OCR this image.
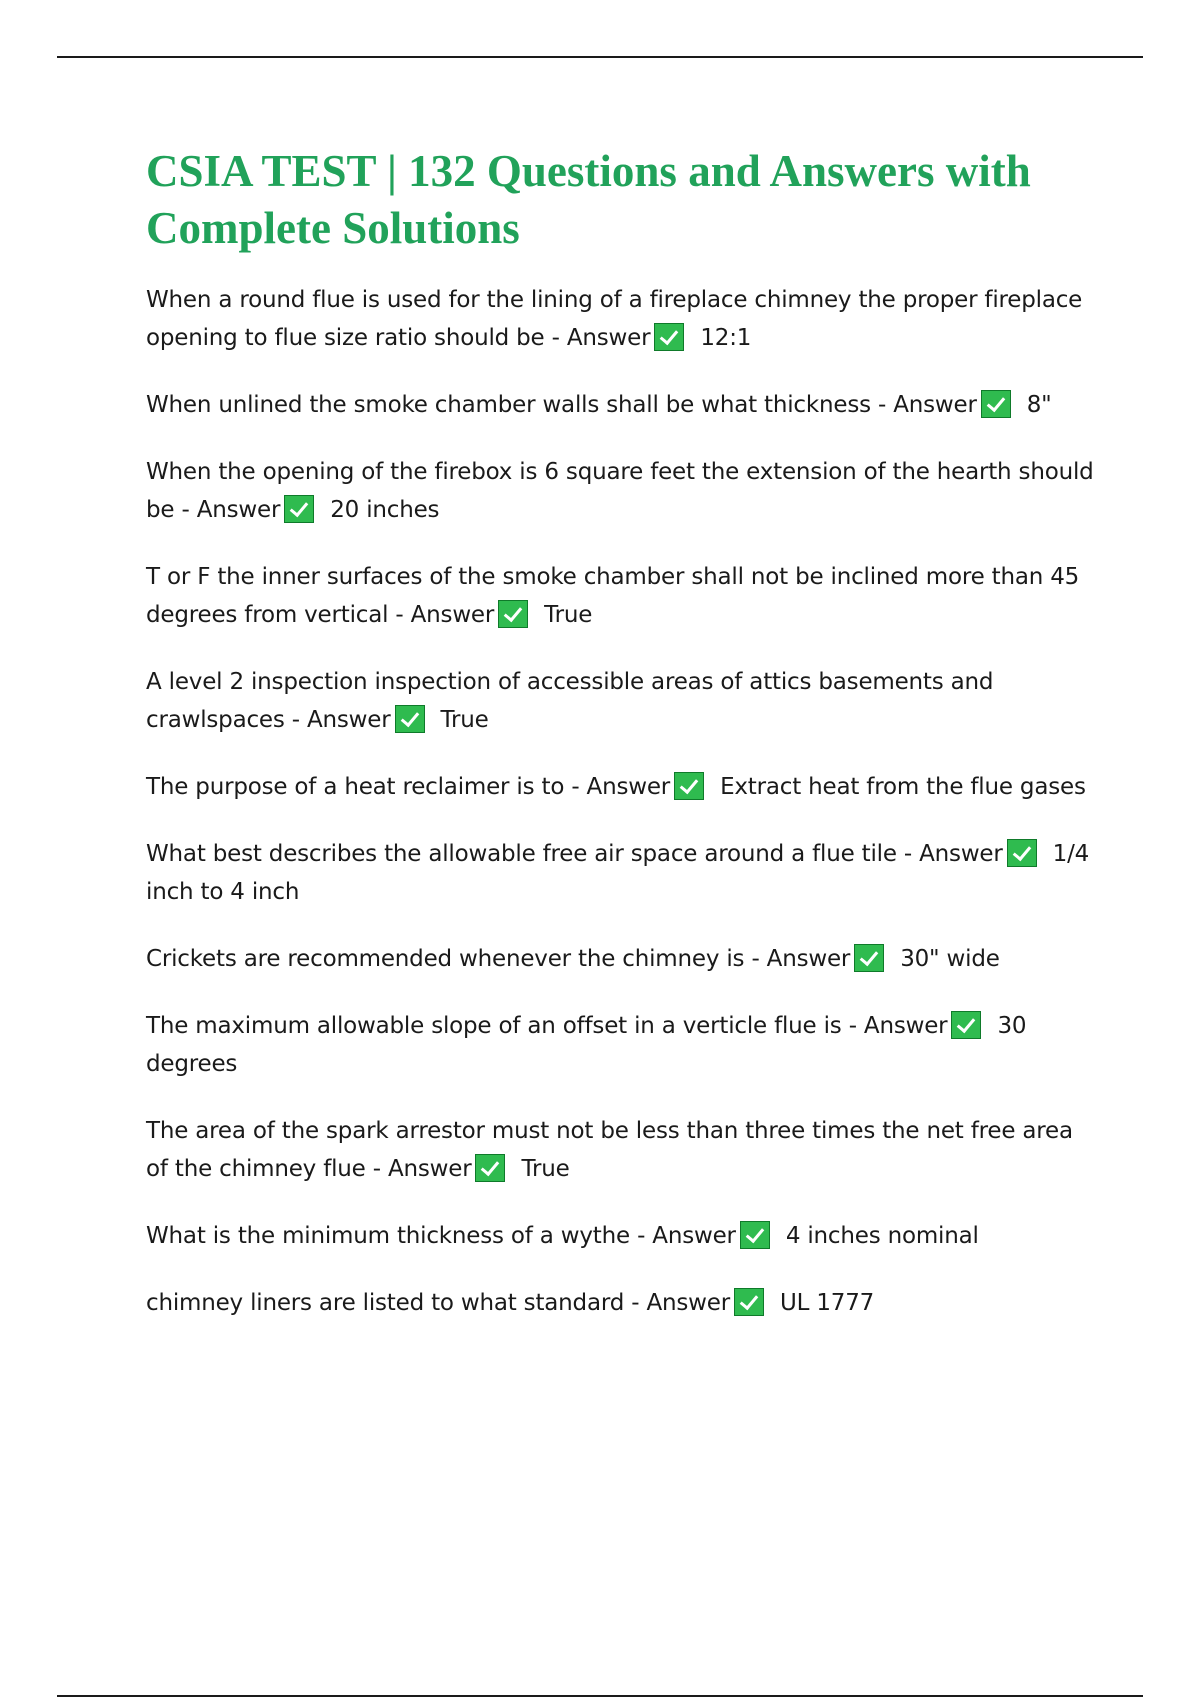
CSIA TEST | 132 Questions and Answers with Complete Solutions

When a round flue is used for the lining of a fireplace chimney the proper fireplace opening to flue size ratio should be - Answer 12:1

When unlined the smoke chamber walls shall be what thickness - Answer 8"

When the opening of the firebox is 6 square feet the extension of the hearth should be - Answer 20 inches

T or F the inner surfaces of the smoke chamber shall not be inclined more than 45 degrees from vertical - Answer True

A level 2 inspection inspection of accessible areas of attics basements and crawlspaces - Answer True

The purpose of a heat reclaimer is to - Answer Extract heat from the flue gases

What best describes the allowable free air space around a flue tile - Answer 1/4 inch to 4 inch

Crickets are recommended whenever the chimney is - Answer 30" wide

The maximum allowable slope of an offset in a verticle flue is - Answer 30 degrees

The area of the spark arrestor must not be less than three times the net free area of the chimney flue - Answer True

What is the minimum thickness of a wythe - Answer 4 inches nominal

chimney liners are listed to what standard - Answer UL 1777
